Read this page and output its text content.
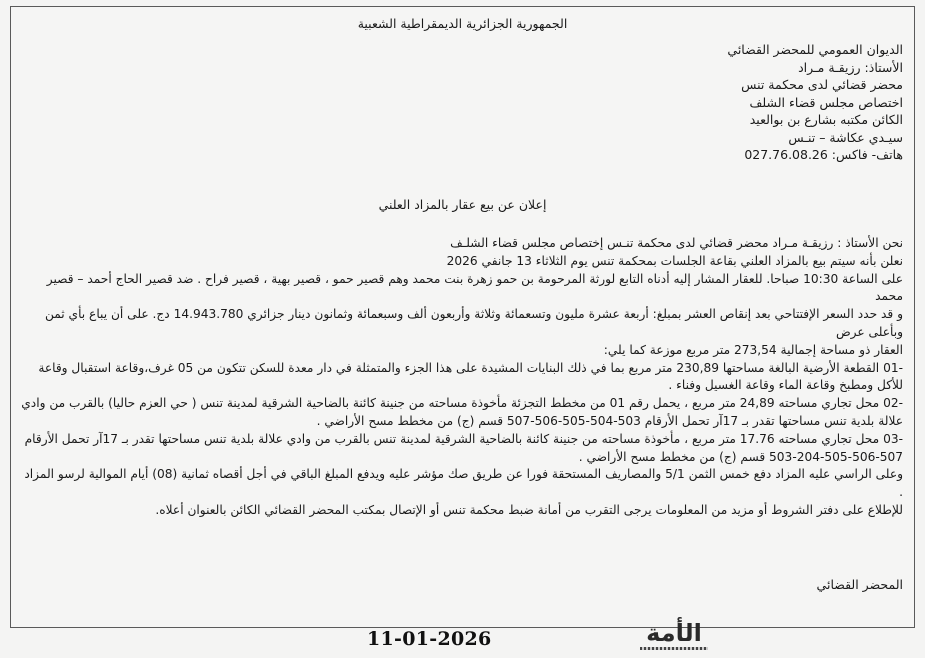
الجمهورية الجزائرية الديمقراطية الشعبية
الديوان العمومي للمحضر القضائي
الأستاذ: رزيقـة مـراد
محضر قضائي لدى محكمة تنس
اختصاص مجلس قضاء الشلف
الكائن مكتبه بشارع بن بوالعيد
سيـدي عكاشة – تنـس
هاتف- فاكس: 027.76.08.26
إعلان عن بيع عقار بالمزاد العلني

نحن الأستاذ : رزيقـة مـراد محضر قضائي لدى محكمة تنـس إختصاص مجلس قضاء الشلـف

نعلن بأنه سيتم بيع بالمزاد العلني بقاعة الجلسات بمحكمة تنس يوم الثلاثاء 13 جانفي 2026

على الساعة 10:30 صباحا. للعقار المشار إليه أدناه التابع لورثة المرحومة بن حمو زهرة بنت محمد وهم قصير حمو ، قصير بهية ، قصير فراح . ضد قصير الحاج أحمد – قصير محمد

و قد حدد السعر الإفتتاحي بعد إنقاص العشر بمبلغ: أربعة عشرة مليون وتسعمائة وثلاثة وأربعون ألف وسبعمائة وثمانون دينار جزائري 14.943.780 دج. على أن يباع بأي ثمن وبأعلى عرض

العقار ذو مساحة إجمالية 273,54 متر مربع موزعة كما يلي:

-01 القطعة الأرضية البالغة مساحتها 230,89 متر مربع بما في ذلك البنايات المشيدة على هذا الجزء والمتمثلة في دار معدة للسكن تتكون من 05 غرف،وقاعة استقبال وقاعة للأكل ومطبخ وقاعة الماء وقاعة الغسيل وفناء .

-02 محل تجاري مساحته 24,89 متر مربع ، يحمل رقم 01 من مخطط التجزئة مأخوذة مساحته من جنينة كائنة بالضاحية الشرقية لمدينة تنس ( حي العزم حاليا) بالقرب من وادي علالة بلدية تنس مساحتها تقدر بـ 17آر تحمل الأرقام 503-504-505-506-507 قسم (ج) من مخطط مسح الأراضي .

-03 محل تجاري مساحته 17.76 متر مربع ، مأخوذة مساحته من جنينة كائنة بالضاحية الشرقية لمدينة تنس بالقرب من وادي علالة بلدية تنس مساحتها تقدر بـ 17آر تحمل الأرقام 507-506-505-204-503 قسم (ج) من مخطط مسح الأراضي .

وعلى الراسي عليه المزاد دفع خمس الثمن 5/1 والمصاريف المستحقة فورا عن طريق صك مؤشر عليه ويدفع المبلغ الباقي في أجل أقصاه ثمانية (08) أيام الموالية لرسو المزاد .

للإطلاع على دفتر الشروط أو مزيد من المعلومات يرجى التقرب من أمانة ضبط محكمة تنس أو الإتصال بمكتب المحضر القضائي الكائن بالعنوان أعلاه.

المحضر القضائي
الأمة
11-01-2026
